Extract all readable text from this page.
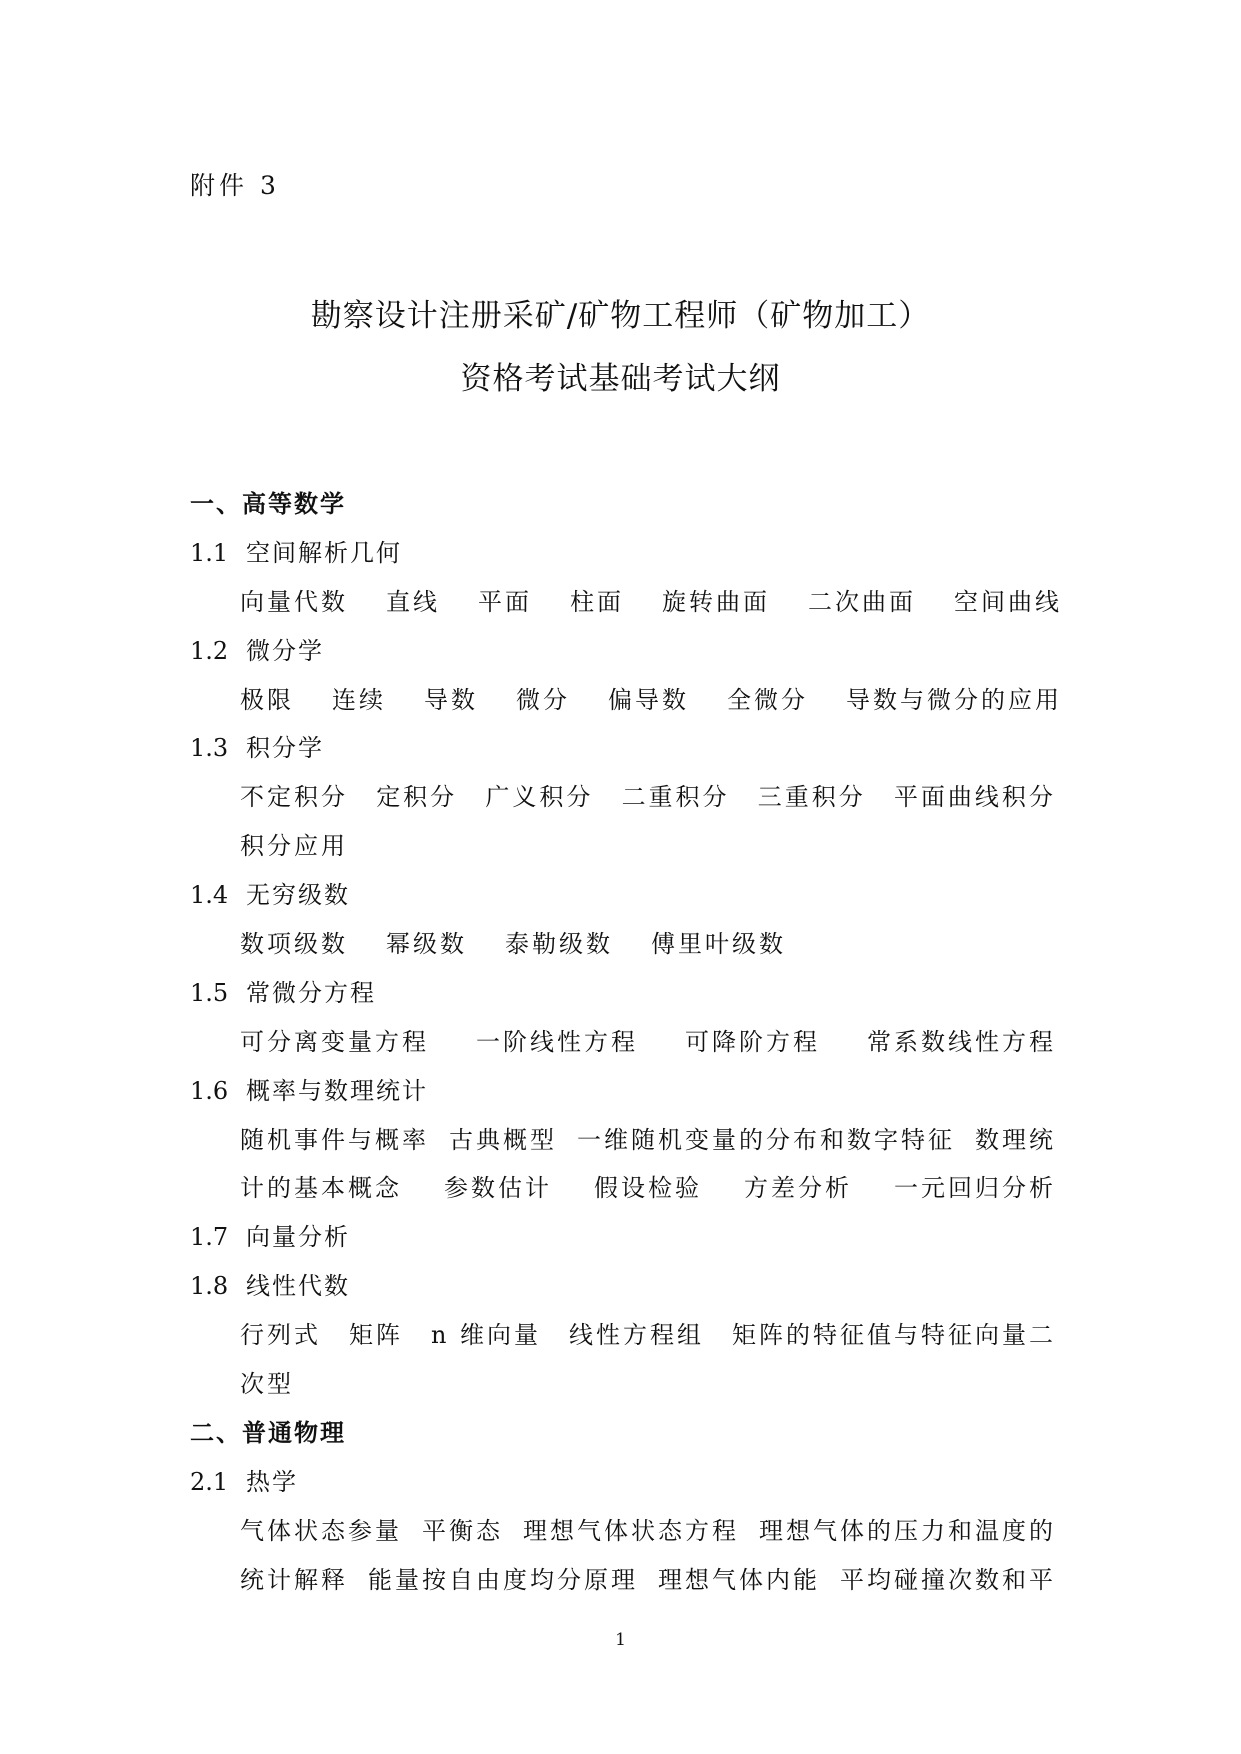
附件 3
勘察设计注册采矿/矿物工程师（矿物加工）
资格考试基础考试大纲
一、高等数学
1.1 空间解析几何
向量代数 直线 平面 柱面 旋转曲面 二次曲面 空间曲线
1.2 微分学
极限 连续 导数 微分 偏导数 全微分 导数与微分的应用
1.3 积分学
不定积分 定积分 广义积分 二重积分 三重积分 平面曲线积分
积分应用
1.4 无穷级数
数项级数 幂级数 泰勒级数 傅里叶级数
1.5 常微分方程
可分离变量方程 一阶线性方程 可降阶方程 常系数线性方程
1.6 概率与数理统计
随机事件与概率 古典概型 一维随机变量的分布和数字特征 数理统
计的基本概念 参数估计 假设检验 方差分析 一元回归分析
1.7 向量分析
1.8 线性代数
行列式 矩阵 n 维向量 线性方程组 矩阵的特征值与特征向量二
次型
二、普通物理
2.1 热学
气体状态参量 平衡态 理想气体状态方程 理想气体的压力和温度的
统计解释 能量按自由度均分原理 理想气体内能 平均碰撞次数和平
1
